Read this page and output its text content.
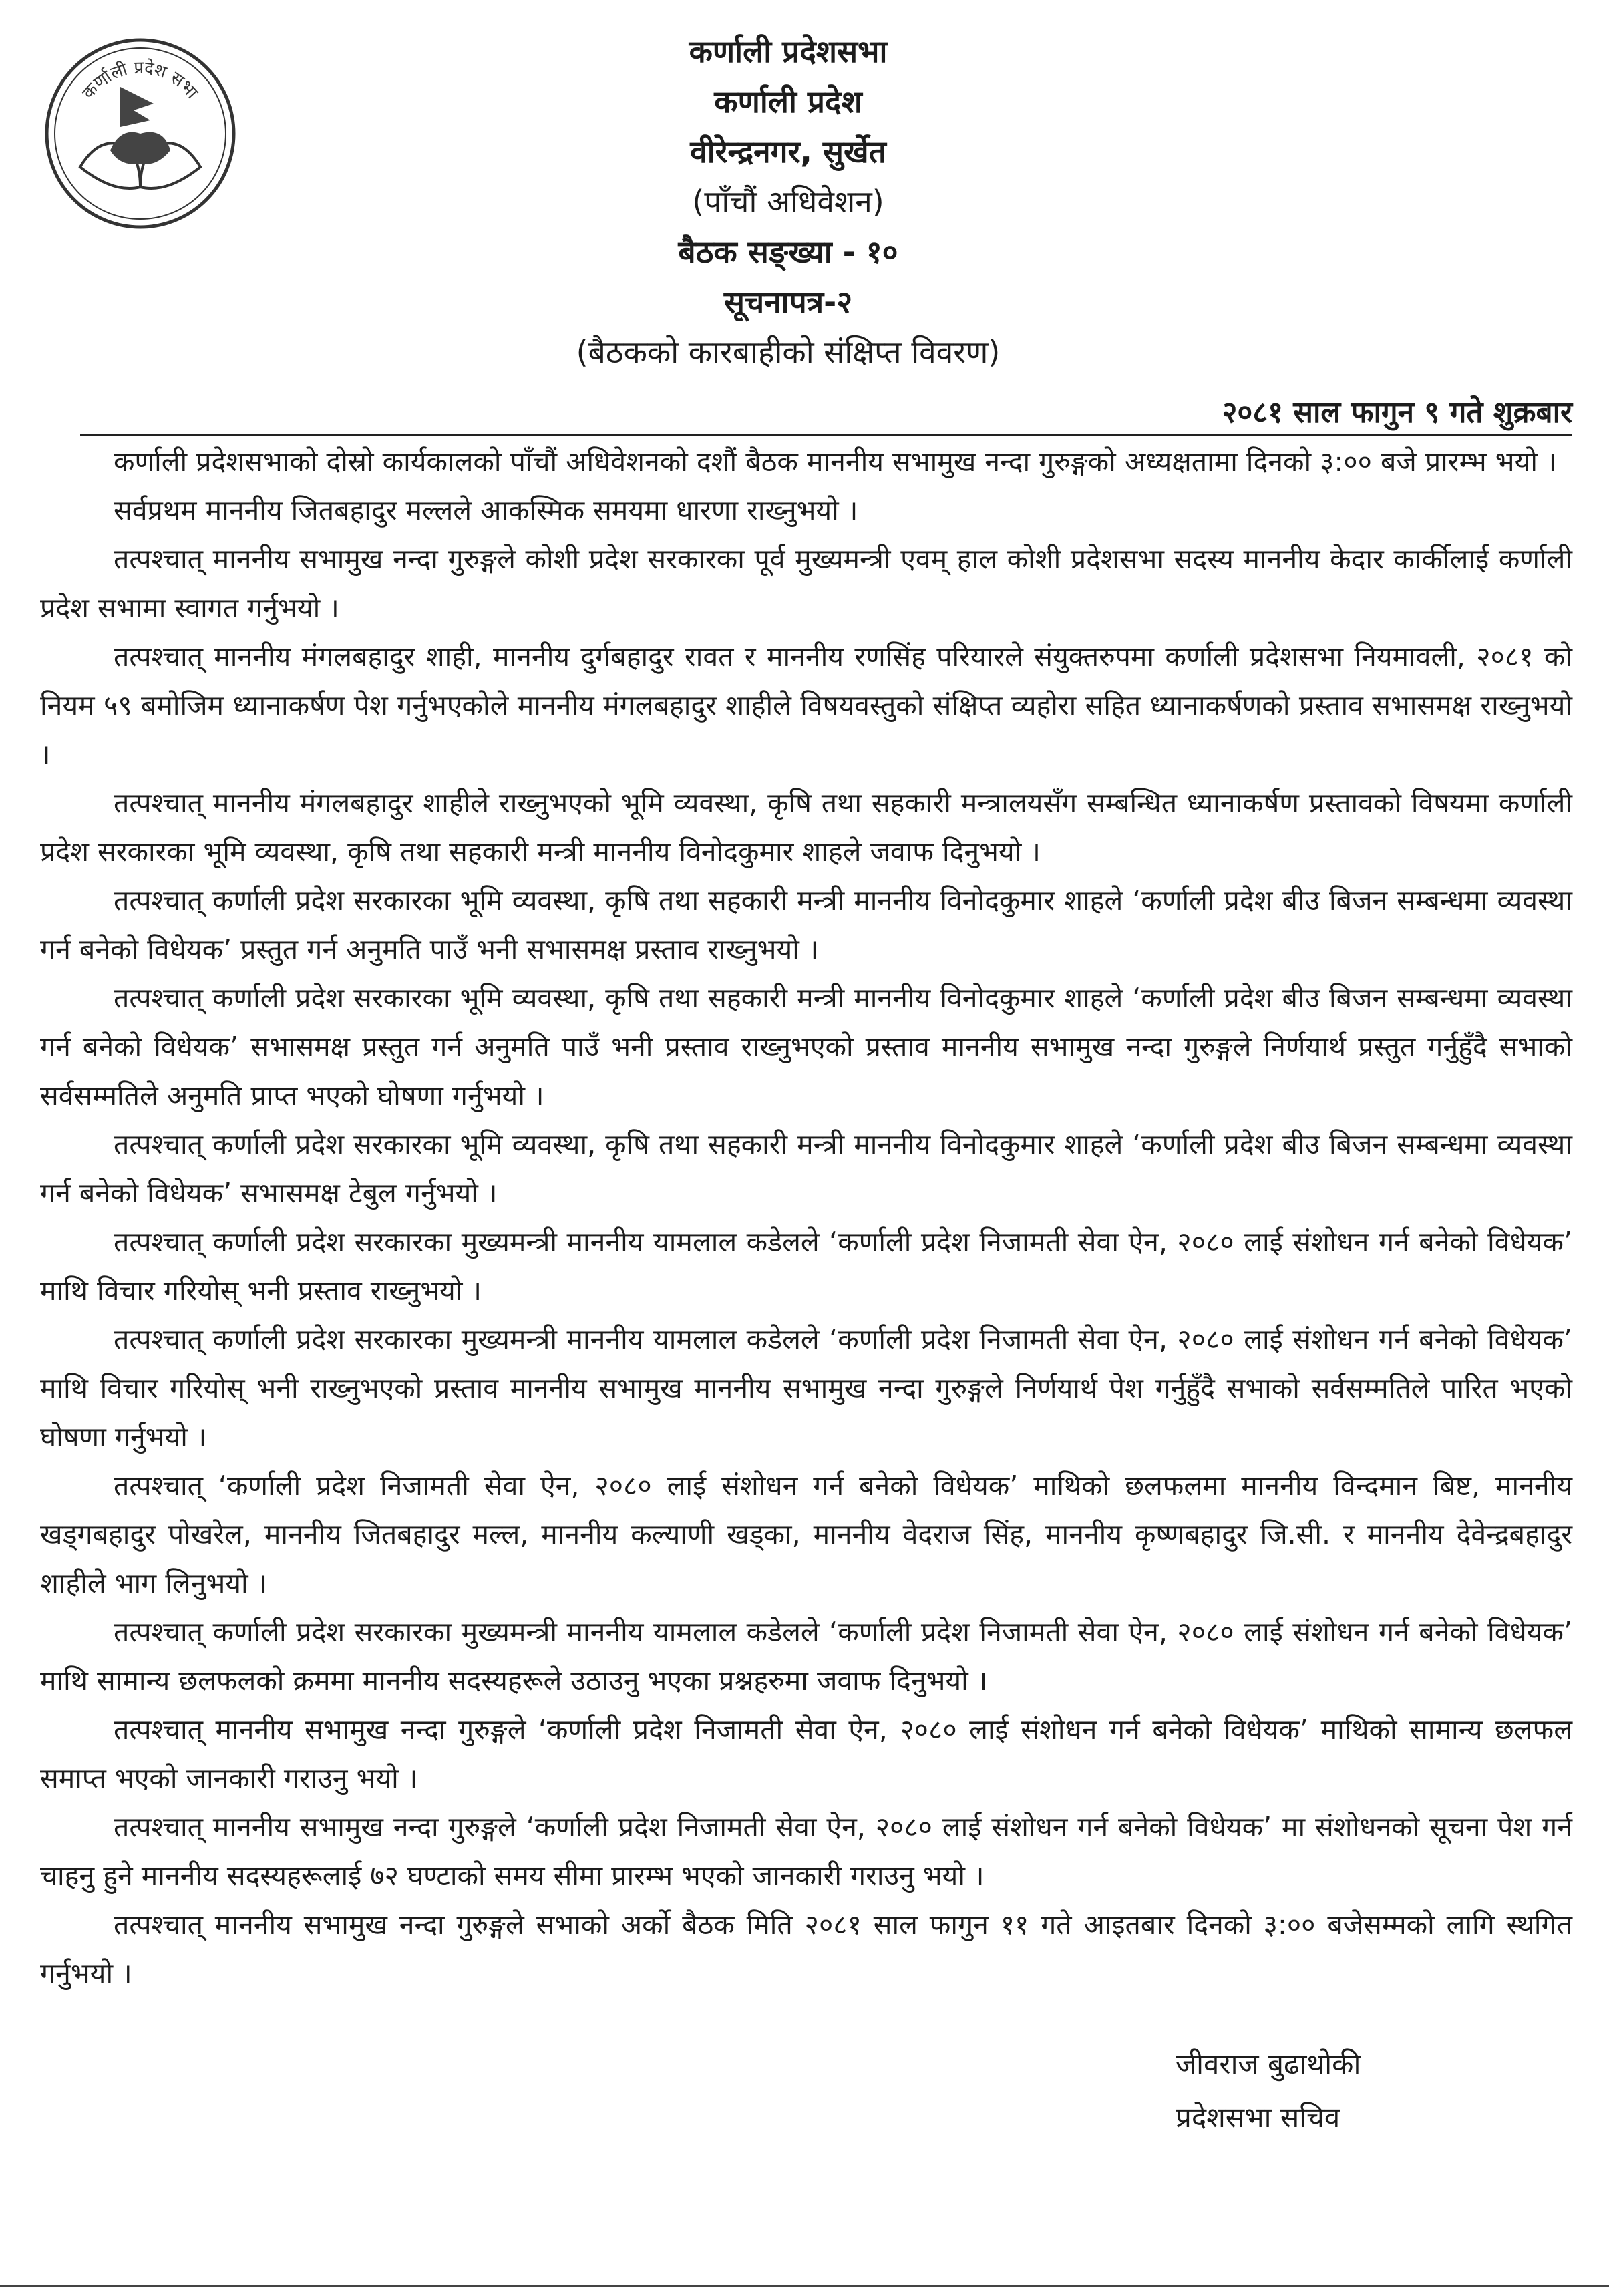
कर्णाली प्रदेश सभा
कर्णाली प्रदेशसभा
कर्णाली प्रदेश
वीरेन्द्रनगर, सुर्खेत
(पाँचौं अधिवेशन)
बैठक सङ्ख्या - १०
सूचनापत्र-२
(बैठकको कारबाहीको संक्षिप्त विवरण)
२०८१ साल फागुन ९ गते शुक्रबार

कर्णाली प्रदेशसभाको दोस्रो कार्यकालको पाँचौं अधिवेशनको दशौं बैठक माननीय सभामुख नन्दा गुरुङ्गको अध्यक्षतामा दिनको ३:०० बजे प्रारम्भ भयो ।

सर्वप्रथम माननीय जितबहादुर मल्लले आकस्मिक समयमा धारणा राख्नुभयो ।

तत्पश्चात् माननीय सभामुख नन्दा गुरुङ्गले कोशी प्रदेश सरकारका पूर्व मुख्यमन्त्री एवम् हाल कोशी प्रदेशसभा सदस्य माननीय केदार कार्कीलाई कर्णाली प्रदेश सभामा स्वागत गर्नुभयो ।

तत्पश्चात् माननीय मंगलबहादुर शाही, माननीय दुर्गबहादुर रावत र माननीय रणसिंह परियारले संयुक्तरुपमा कर्णाली प्रदेशसभा नियमावली, २०८१ को नियम ५९ बमोजिम ध्यानाकर्षण पेश गर्नुभएकोले माननीय मंगलबहादुर शाहीले विषयवस्तुको संक्षिप्त व्यहोरा सहित ध्यानाकर्षणको प्रस्ताव सभासमक्ष राख्नुभयो ।

तत्पश्चात् माननीय मंगलबहादुर शाहीले राख्नुभएको भूमि व्यवस्था, कृषि तथा सहकारी मन्त्रालयसँग सम्बन्धित ध्यानाकर्षण प्रस्तावको विषयमा कर्णाली प्रदेश सरकारका भूमि व्यवस्था, कृषि तथा सहकारी मन्त्री माननीय विनोदकुमार शाहले जवाफ दिनुभयो ।

तत्पश्चात् कर्णाली प्रदेश सरकारका भूमि व्यवस्था, कृषि तथा सहकारी मन्त्री माननीय विनोदकुमार शाहले ‘कर्णाली प्रदेश बीउ बिजन सम्बन्धमा व्यवस्था गर्न बनेको विधेयक’ प्रस्तुत गर्न अनुमति पाउँ भनी सभासमक्ष प्रस्ताव राख्नुभयो ।

तत्पश्चात् कर्णाली प्रदेश सरकारका भूमि व्यवस्था, कृषि तथा सहकारी मन्त्री माननीय विनोदकुमार शाहले ‘कर्णाली प्रदेश बीउ बिजन सम्बन्धमा व्यवस्था गर्न बनेको विधेयक’ सभासमक्ष प्रस्तुत गर्न अनुमति पाउँ भनी प्रस्ताव राख्नुभएको प्रस्ताव माननीय सभामुख नन्दा गुरुङ्गले निर्णयार्थ प्रस्तुत गर्नुहुँदै सभाको सर्वसम्मतिले अनुमति प्राप्त भएको घोषणा गर्नुभयो ।

तत्पश्चात् कर्णाली प्रदेश सरकारका भूमि व्यवस्था, कृषि तथा सहकारी मन्त्री माननीय विनोदकुमार शाहले ‘कर्णाली प्रदेश बीउ बिजन सम्बन्धमा व्यवस्था गर्न बनेको विधेयक’ सभासमक्ष टेबुल गर्नुभयो ।

तत्पश्चात् कर्णाली प्रदेश सरकारका मुख्यमन्त्री माननीय यामलाल कडेलले ‘कर्णाली प्रदेश निजामती सेवा ऐन, २०८० लाई संशोधन गर्न बनेको विधेयक’ माथि विचार गरियोस् भनी प्रस्ताव राख्नुभयो ।

तत्पश्चात् कर्णाली प्रदेश सरकारका मुख्यमन्त्री माननीय यामलाल कडेलले ‘कर्णाली प्रदेश निजामती सेवा ऐन, २०८० लाई संशोधन गर्न बनेको विधेयक’ माथि विचार गरियोस् भनी राख्नुभएको प्रस्ताव माननीय सभामुख माननीय सभामुख नन्दा गुरुङ्गले निर्णयार्थ पेश गर्नुहुँदै सभाको सर्वसम्मतिले पारित भएको घोषणा गर्नुभयो ।

तत्पश्चात् ‘कर्णाली प्रदेश निजामती सेवा ऐन, २०८० लाई संशोधन गर्न बनेको विधेयक’ माथिको छलफलमा माननीय विन्दमान बिष्ट, माननीय खड्गबहादुर पोखरेल, माननीय जितबहादुर मल्ल, माननीय कल्याणी खड्का, माननीय वेदराज सिंह, माननीय कृष्णबहादुर जि.सी. र माननीय देवेन्द्रबहादुर शाहीले भाग लिनुभयो ।

तत्पश्चात् कर्णाली प्रदेश सरकारका मुख्यमन्त्री माननीय यामलाल कडेलले ‘कर्णाली प्रदेश निजामती सेवा ऐन, २०८० लाई संशोधन गर्न बनेको विधेयक’ माथि सामान्य छलफलको क्रममा माननीय सदस्यहरूले उठाउनु भएका प्रश्नहरुमा जवाफ दिनुभयो ।

तत्पश्चात् माननीय सभामुख नन्दा गुरुङ्गले ‘कर्णाली प्रदेश निजामती सेवा ऐन, २०८० लाई संशोधन गर्न बनेको विधेयक’ माथिको सामान्य छलफल समाप्त भएको जानकारी गराउनु भयो ।

तत्पश्चात् माननीय सभामुख नन्दा गुरुङ्गले ‘कर्णाली प्रदेश निजामती सेवा ऐन, २०८० लाई संशोधन गर्न बनेको विधेयक’ मा संशोधनको सूचना पेश गर्न चाहनु हुने माननीय सदस्यहरूलाई ७२ घण्टाको समय सीमा प्रारम्भ भएको जानकारी गराउनु भयो ।

तत्पश्चात् माननीय सभामुख नन्दा गुरुङ्गले सभाको अर्को बैठक मिति २०८१ साल फागुन ११ गते आइतबार दिनको ३:०० बजेसम्मको लागि स्थगित गर्नुभयो ।

जीवराज बुढाथोकी
प्रदेशसभा सचिव
